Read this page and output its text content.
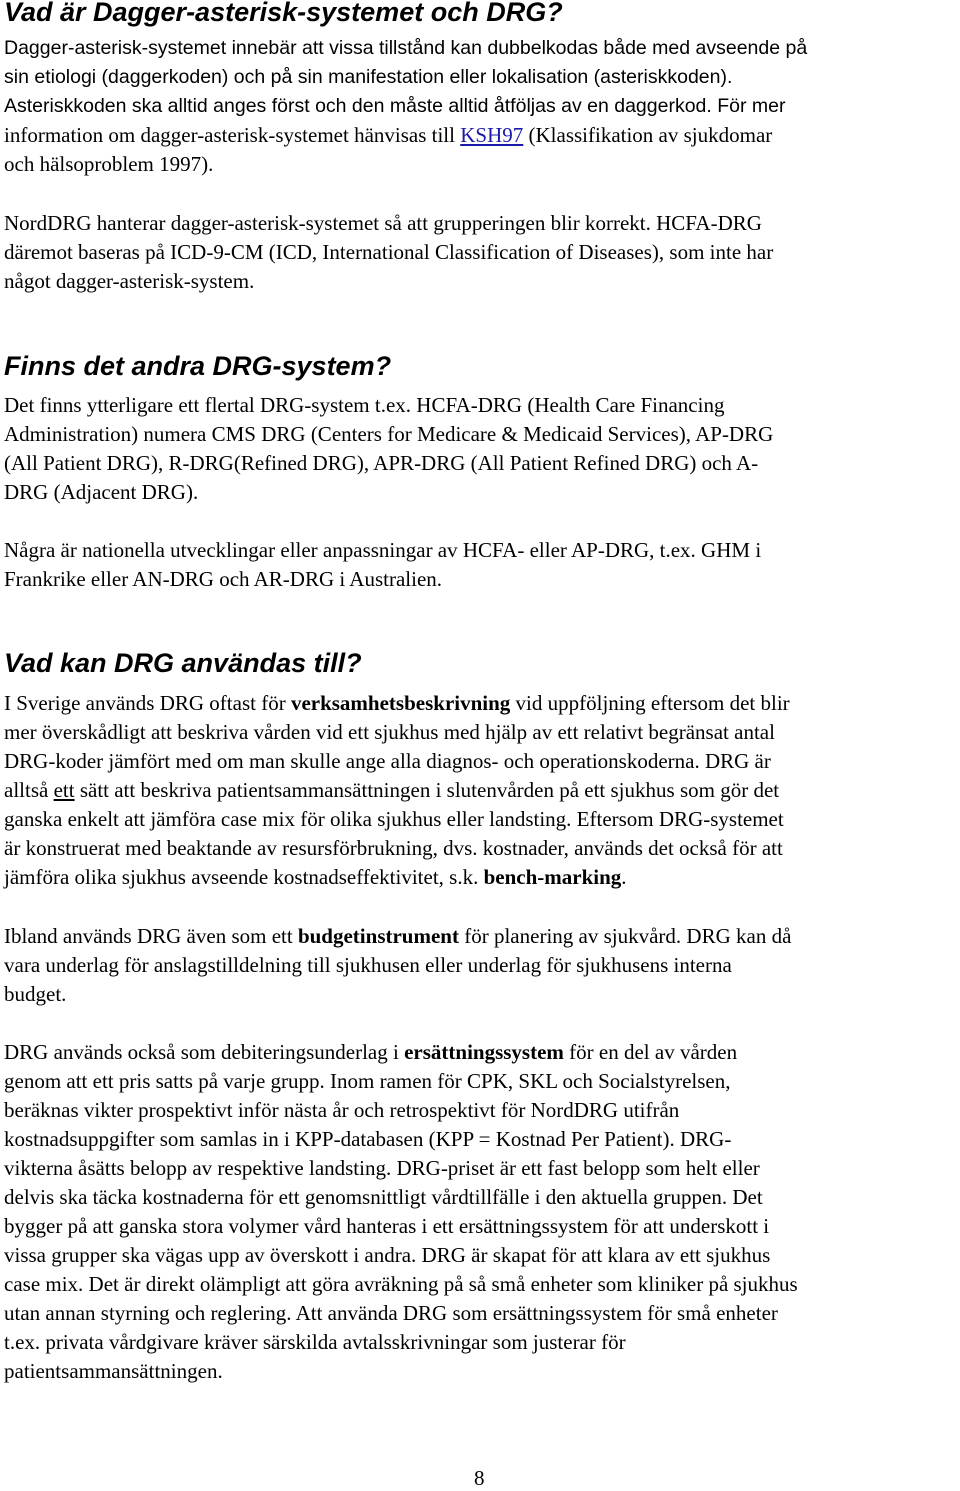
Vad är Dagger-asterisk-systemet och DRG?

Dagger-asterisk-systemet innebär att vissa tillstånd kan dubbelkodas både med avseende på

sin etiologi (daggerkoden) och på sin manifestation eller lokalisation (asteriskkoden).

Asteriskkoden ska alltid anges först och den måste alltid åtföljas av en daggerkod. För mer

information om dagger-asterisk-systemet hänvisas till KSH97 (Klassifikation av sjukdomar

och hälsoproblem 1997).

NordDRG hanterar dagger-asterisk-systemet så att grupperingen blir korrekt. HCFA-DRG

däremot baseras på ICD-9-CM (ICD, International Classification of Diseases), som inte har

något dagger-asterisk-system.

Finns det andra DRG-system?

Det finns ytterligare ett flertal DRG-system t.ex. HCFA-DRG (Health Care Financing

Administration) numera CMS DRG (Centers for Medicare & Medicaid Services), AP-DRG

(All Patient DRG), R-DRG(Refined DRG), APR-DRG (All Patient Refined DRG) och A-

DRG (Adjacent DRG).

Några är nationella utvecklingar eller anpassningar av HCFA- eller AP-DRG, t.ex. GHM i

Frankrike eller AN-DRG och AR-DRG i Australien.

Vad kan DRG användas till?

I Sverige används DRG oftast för verksamhetsbeskrivning vid uppföljning eftersom det blir

mer överskådligt att beskriva vården vid ett sjukhus med hjälp av ett relativt begränsat antal

DRG-koder jämfört med om man skulle ange alla diagnos- och operationskoderna. DRG är

alltså ett sätt att beskriva patientsammansättningen i slutenvården på ett sjukhus som gör det

ganska enkelt att jämföra case mix för olika sjukhus eller landsting. Eftersom DRG-systemet

är konstruerat med beaktande av resursförbrukning, dvs. kostnader, används det också för att

jämföra olika sjukhus avseende kostnadseffektivitet, s.k. bench-marking.

Ibland används DRG även som ett budgetinstrument för planering av sjukvård. DRG kan då

vara underlag för anslagstilldelning till sjukhusen eller underlag för sjukhusens interna

budget.

DRG används också som debiteringsunderlag i ersättningssystem för en del av vården

genom att ett pris satts på varje grupp. Inom ramen för CPK, SKL och Socialstyrelsen,

beräknas vikter prospektivt inför nästa år och retrospektivt för NordDRG utifrån

kostnadsuppgifter som samlas in i KPP-databasen (KPP = Kostnad Per Patient). DRG-

vikterna åsätts belopp av respektive landsting. DRG-priset är ett fast belopp som helt eller

delvis ska täcka kostnaderna för ett genomsnittligt vårdtillfälle i den aktuella gruppen. Det

bygger på att ganska stora volymer vård hanteras i ett ersättningssystem för att underskott i

vissa grupper ska vägas upp av överskott i andra. DRG är skapat för att klara av ett sjukhus

case mix. Det är direkt olämpligt att göra avräkning på så små enheter som kliniker på sjukhus

utan annan styrning och reglering. Att använda DRG som ersättningssystem för små enheter

t.ex. privata vårdgivare kräver särskilda avtalsskrivningar som justerar för

patientsammansättningen.

8
